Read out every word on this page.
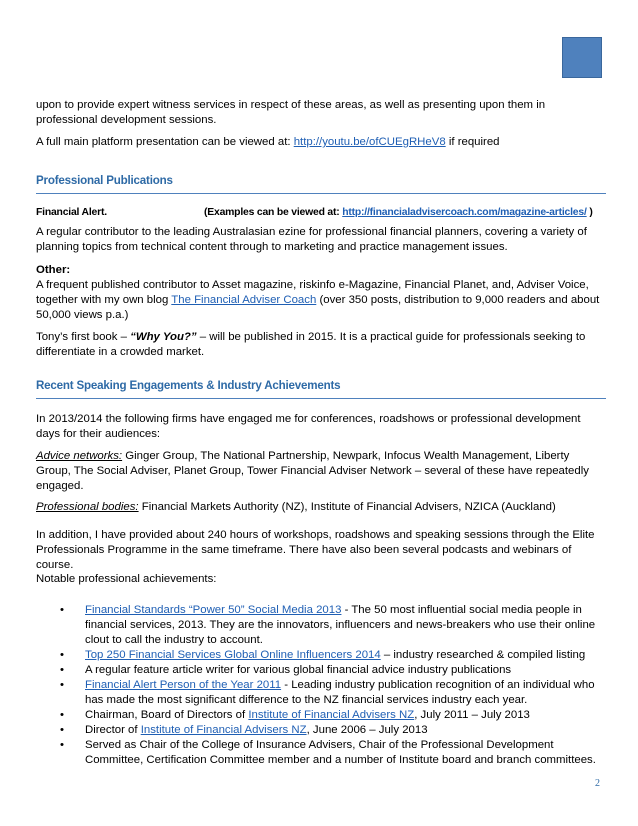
upon to provide expert witness services in respect of these areas, as well as presenting upon them in professional development sessions.

A full main platform presentation can be viewed at: http://youtu.be/ofCUEgRHeV8 if required

Professional Publications
Financial Alert.	(Examples can be viewed at: http://financialadvisercoach.com/magazine-articles/ )

A regular contributor to the leading Australasian ezine for professional financial planners, covering a variety of planning topics from technical content through to marketing and practice management issues.

Other:

A frequent published contributor to Asset magazine, riskinfo e-Magazine, Financial Planet, and, Adviser Voice, together with my own blog The Financial Adviser Coach (over 350 posts, distribution to 9,000 readers and about 50,000 views p.a.)

Tony’s first book – “Why You?” – will be published in 2015. It is a practical guide for professionals seeking to differentiate in a crowded market.

Recent Speaking Engagements & Industry Achievements

In 2013/2014 the following firms have engaged me for conferences, roadshows or professional development days for their audiences:

Advice networks: Ginger Group, The National Partnership, Newpark, Infocus Wealth Management, Liberty Group, The Social Adviser, Planet Group, Tower Financial Adviser Network – several of these have repeatedly engaged.

Professional bodies: Financial Markets Authority (NZ), Institute of Financial Advisers, NZICA (Auckland)

In addition, I have provided about 240 hours of workshops, roadshows and speaking sessions through the Elite Professionals Programme in the same timeframe. There have also been several podcasts and webinars of course.

Notable professional achievements:

• Financial Standards “Power 50” Social Media 2013 - The 50 most influential social media people in financial services, 2013. They are the innovators, influencers and news-breakers who use their online clout to call the industry to account.
• Top 250 Financial Services Global Online Influencers 2014 – industry researched & compiled listing
• A regular feature article writer for various global financial advice industry publications
• Financial Alert Person of the Year 2011 - Leading industry publication recognition of an individual who has made the most significant difference to the NZ financial services industry each year.
• Chairman, Board of Directors of Institute of Financial Advisers NZ, July 2011 – July 2013
• Director of Institute of Financial Advisers NZ, June 2006 – July 2013
• Served as Chair of the College of Insurance Advisers, Chair of the Professional Development Committee, Certification Committee member and a number of Institute board and branch committees.
2
